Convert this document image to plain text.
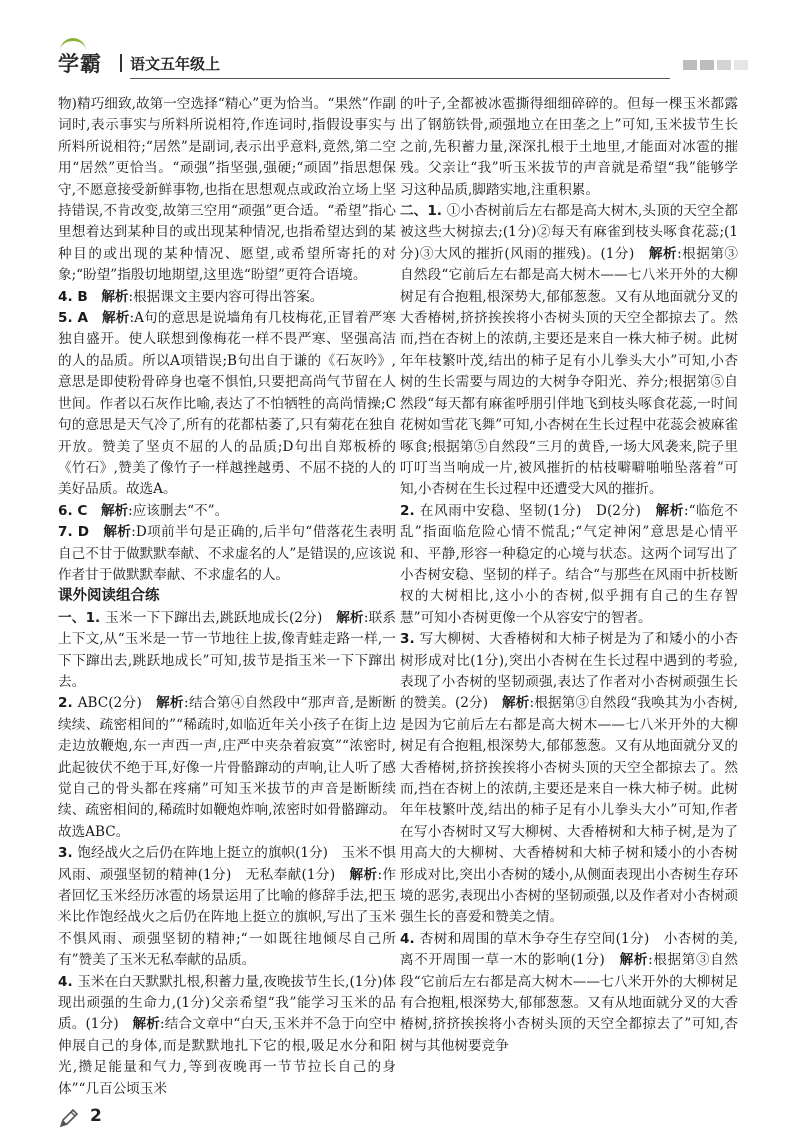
学霸 语文五年级上

物)精巧细致,故第一空选择“精心”更为恰当。“果然”作副词时,表示事实与所料所说相符,作连词时,指假设事实与所料所说相符;“居然”是副词,表示出乎意料,竟然,第二空用“居然”更恰当。“顽强”指坚强,强硬;“顽固”指思想保守,不愿意接受新鲜事物,也指在思想观点或政治立场上坚持错误,不肯改变,故第三空用“顽强”更合适。“希望”指心里想着达到某种目的或出现某种情况,也指希望达到的某种目的或出现的某种情况、愿望,或希望所寄托的对象;“盼望”指殷切地期望,这里选“盼望”更符合语境。

4. B　解析:根据课文主要内容可得出答案。

5. A　解析:A句的意思是说墙角有几枝梅花,正冒着严寒独自盛开。使人联想到像梅花一样不畏严寒、坚强高洁的人的品质。所以A项错误;B句出自于谦的《石灰吟》,意思是即使粉骨碎身也毫不惧怕,只要把高尚气节留在人世间。作者以石灰作比喻,表达了不怕牺牲的高尚情操;C句的意思是天气冷了,所有的花都枯萎了,只有菊花在独自开放。赞美了坚贞不屈的人的品质;D句出自郑板桥的《竹石》,赞美了像竹子一样越挫越勇、不屈不挠的人的美好品质。故选A。

6. C　解析:应该删去“不”。

7. D　解析:D项前半句是正确的,后半句“借落花生表明自己不甘于做默默奉献、不求虚名的人”是错误的,应该说作者甘于做默默奉献、不求虚名的人。

课外阅读组合练

一、1. 玉米一下下蹿出去,跳跃地成长(2分)　解析:联系上下文,从“玉米是一节一节地往上拔,像青蛙走路一样,一下下蹿出去,跳跃地成长”可知,拔节是指玉米一下下蹿出去。

2. ABC(2分)　解析:结合第④自然段中“那声音,是断断续续、疏密相间的”“稀疏时,如临近年关小孩子在街上边走边放鞭炮,东一声西一声,庄严中夹杂着寂寞”“浓密时,此起彼伏不绝于耳,好像一片骨骼蹿动的声响,让人听了感觉自己的骨头都在疼痛”可知玉米拔节的声音是断断续续、疏密相间的,稀疏时如鞭炮炸响,浓密时如骨骼蹿动。故选ABC。

3. 饱经战火之后仍在阵地上挺立的旗帜(1分)　玉米不惧风雨、顽强坚韧的精神(1分)　无私奉献(1分)　解析:作者回忆玉米经历冰雹的场景运用了比喻的修辞手法,把玉米比作饱经战火之后仍在阵地上挺立的旗帜,写出了玉米不惧风雨、顽强坚韧的精神;“一如既往地倾尽自己所有”赞美了玉米无私奉献的品质。

4. 玉米在白天默默扎根,积蓄力量,夜晚拔节生长,(1分)体现出顽强的生命力,(1分)父亲希望“我”能学习玉米的品质。(1分)　解析:结合文章中“白天,玉米并不急于向空中伸展自己的身体,而是默默地扎下它的根,吸足水分和阳光,攒足能量和气力,等到夜晚再一节节拉长自己的身体”“几百公顷玉米

的叶子,全都被冰雹撕得细细碎碎的。但每一棵玉米都露出了钢筋铁骨,顽强地立在田垄之上”可知,玉米拔节生长之前,先积蓄力量,深深扎根于土地里,才能面对冰雹的摧残。父亲让“我”听玉米拔节的声音就是希望“我”能够学习这种品质,脚踏实地,注重积累。

二、1. ①小杏树前后左右都是高大树木,头顶的天空全都被这些大树掠去;(1分)②每天有麻雀到枝头啄食花蕊;(1分)③大风的摧折(风雨的摧残)。(1分)　解析:根据第③自然段“它前后左右都是高大树木——七八米开外的大柳树足有合抱粗,根深势大,郁郁葱葱。又有从地面就分叉的大香椿树,挤挤挨挨将小杏树头顶的天空全都掠去了。然而,挡在杏树上的浓荫,主要还是来自一株大柿子树。此树年年枝繁叶茂,结出的柿子足有小儿拳头大小”可知,小杏树的生长需要与周边的大树争夺阳光、养分;根据第⑤自然段“每天都有麻雀呼朋引伴地飞到枝头啄食花蕊,一时间花树如雪花飞舞”可知,小杏树在生长过程中花蕊会被麻雀啄食;根据第⑤自然段“三月的黄昏,一场大风袭来,院子里叮叮当当响成一片,被风摧折的枯枝噼噼啪啪坠落着”可知,小杏树在生长过程中还遭受大风的摧折。

2. 在风雨中安稳、坚韧(1分)　D(2分)　解析:“临危不乱”指面临危险心情不慌乱;“气定神闲”意思是心情平和、平静,形容一种稳定的心境与状态。这两个词写出了小杏树安稳、坚韧的样子。结合“与那些在风雨中折枝断杈的大树相比,这小小的杏树,似乎拥有自己的生存智慧”可知小杏树更像一个从容安宁的智者。

3. 写大柳树、大香椿树和大柿子树是为了和矮小的小杏树形成对比(1分),突出小杏树在生长过程中遇到的考验,表现了小杏树的坚韧顽强,表达了作者对小杏树顽强生长的赞美。(2分)　解析:根据第③自然段“我唤其为小杏树,是因为它前后左右都是高大树木——七八米开外的大柳树足有合抱粗,根深势大,郁郁葱葱。又有从地面就分叉的大香椿树,挤挤挨挨将小杏树头顶的天空全都掠去了。然而,挡在杏树上的浓荫,主要还是来自一株大柿子树。此树年年枝繁叶茂,结出的柿子足有小儿拳头大小”可知,作者在写小杏树时又写大柳树、大香椿树和大柿子树,是为了用高大的大柳树、大香椿树和大柿子树和矮小的小杏树形成对比,突出小杏树的矮小,从侧面表现出小杏树生存环境的恶劣,表现出小杏树的坚韧顽强,以及作者对小杏树顽强生长的喜爱和赞美之情。

4. 杏树和周围的草木争夺生存空间(1分)　小杏树的美,离不开周围一草一木的影响(1分)　解析:根据第③自然段“它前后左右都是高大树木——七八米开外的大柳树足有合抱粗,根深势大,郁郁葱葱。又有从地面就分叉的大香椿树,挤挤挨挨将小杏树头顶的天空全都掠去了”可知,杏树与其他树要竞争

2
